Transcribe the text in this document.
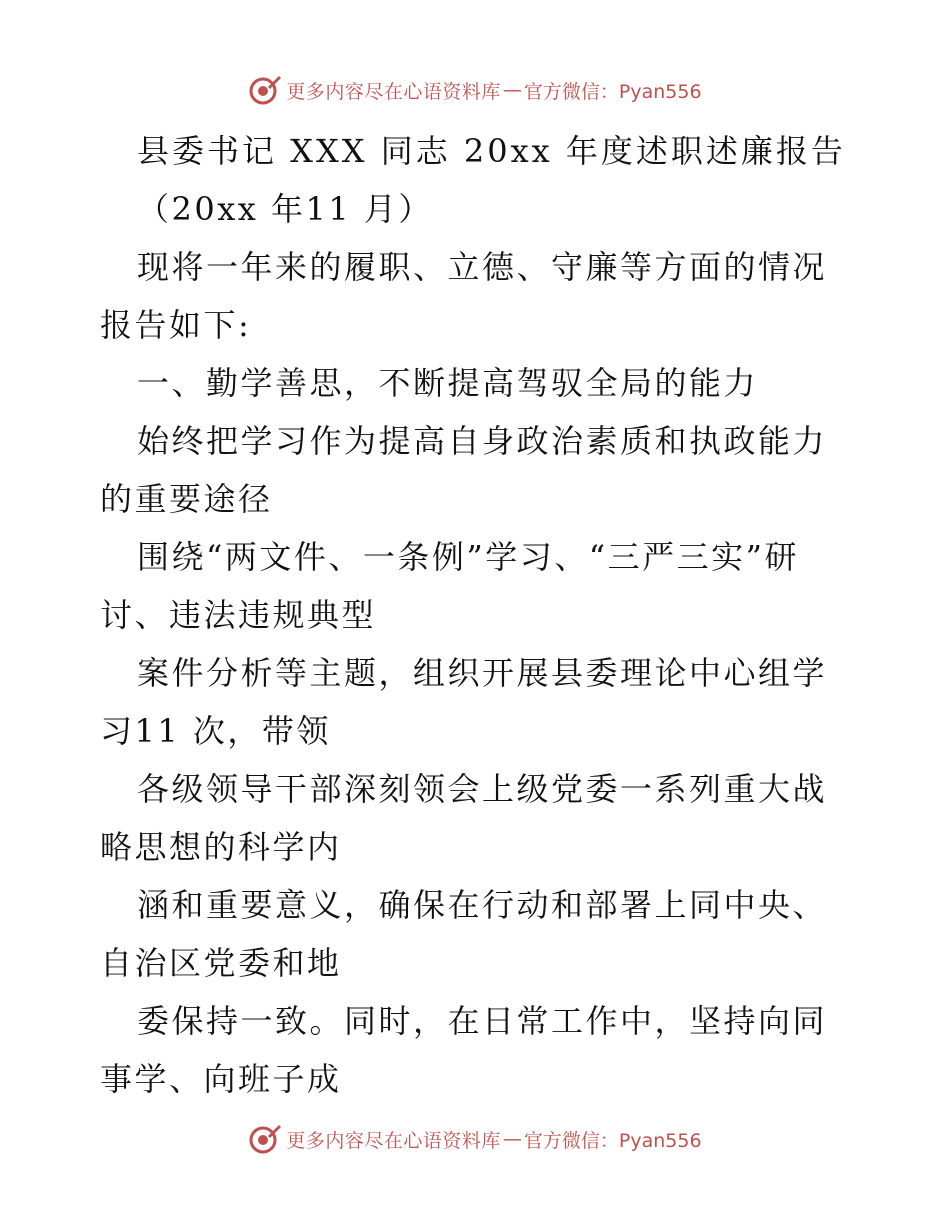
更多内容尽在心语资料库 — 官方微信：Pyan556

县委书记 XXX 同志 20xx 年度述职述廉报告

（20xx 年11 月）

现将一年来的履职、立德、守廉等方面的情况报告如下:

一、勤学善思，不断提高驾驭全局的能力

始终把学习作为提高自身政治素质和执政能力的重要途径

围绕“两文件、一条例”学习、“三严三实”研讨、违法违规典型

案件分析等主题，组织开展县委理论中心组学习11 次，带领

各级领导干部深刻领会上级党委一系列重大战略思想的科学内

涵和重要意义，确保在行动和部署上同中央、自治区党委和地

委保持一致。同时，在日常工作中，坚持向同事学、向班子成

更多内容尽在心语资料库 — 官方微信：Pyan556
